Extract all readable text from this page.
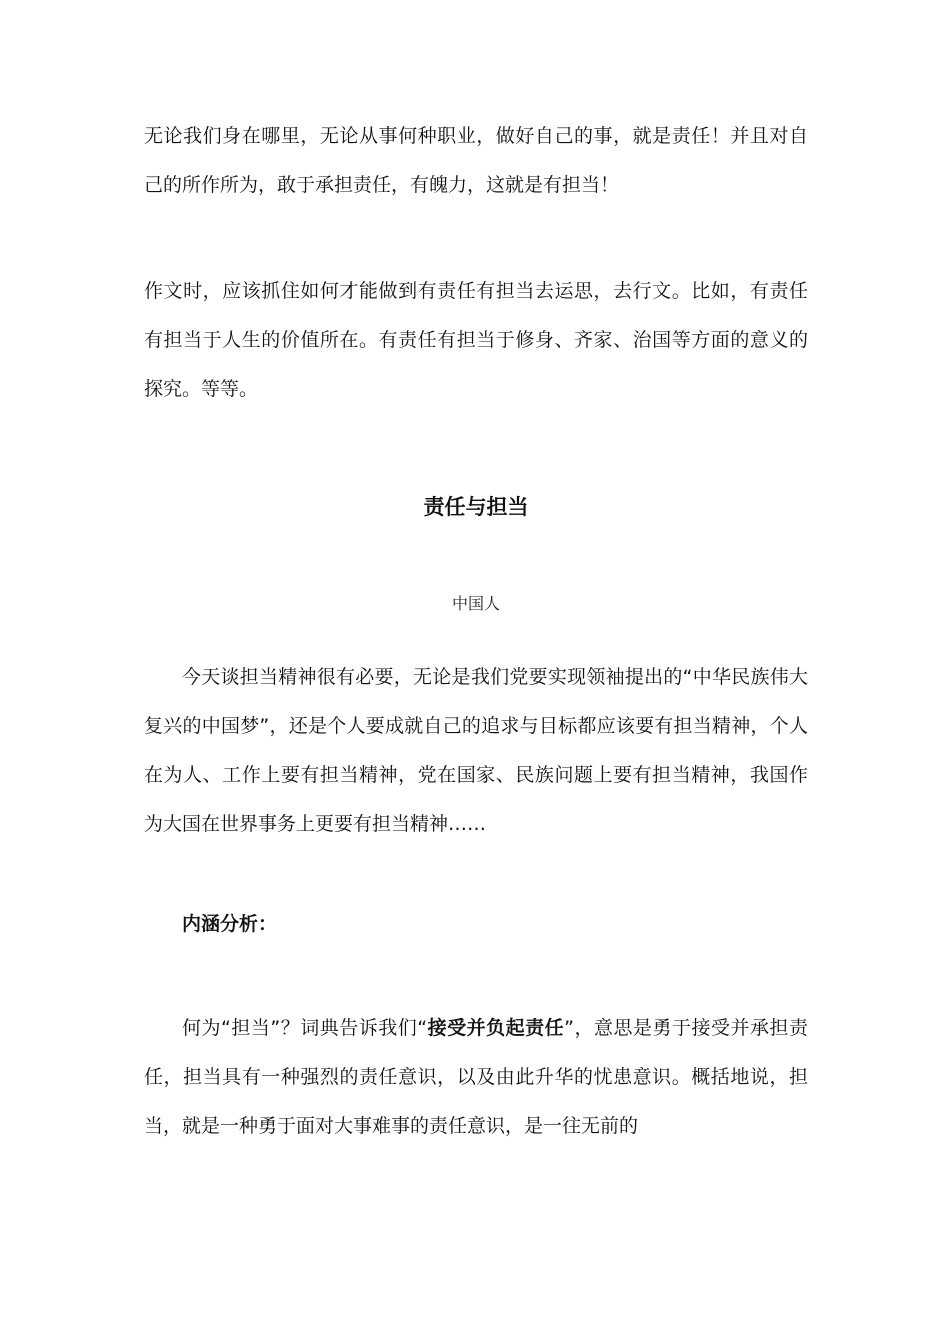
无论我们身在哪里，无论从事何种职业，做好自己的事，就是责任！并且对自己的所作所为，敢于承担责任，有魄力，这就是有担当！

作文时，应该抓住如何才能做到有责任有担当去运思，去行文。比如，有责任有担当于人生的价值所在。有责任有担当于修身、齐家、治国等方面的意义的探究。等等。

责任与担当

中国人

今天谈担当精神很有必要，无论是我们党要实现领袖提出的“中华民族伟大复兴的中国梦”，还是个人要成就自己的追求与目标都应该要有担当精神，个人在为人、工作上要有担当精神，党在国家、民族问题上要有担当精神，我国作为大国在世界事务上更要有担当精神……

内涵分析：

何为“担当”？词典告诉我们“接受并负起责任”，意思是勇于接受并承担责任，担当具有一种强烈的责任意识，以及由此升华的忧患意识。概括地说，担当，就是一种勇于面对大事难事的责任意识，是一往无前的
